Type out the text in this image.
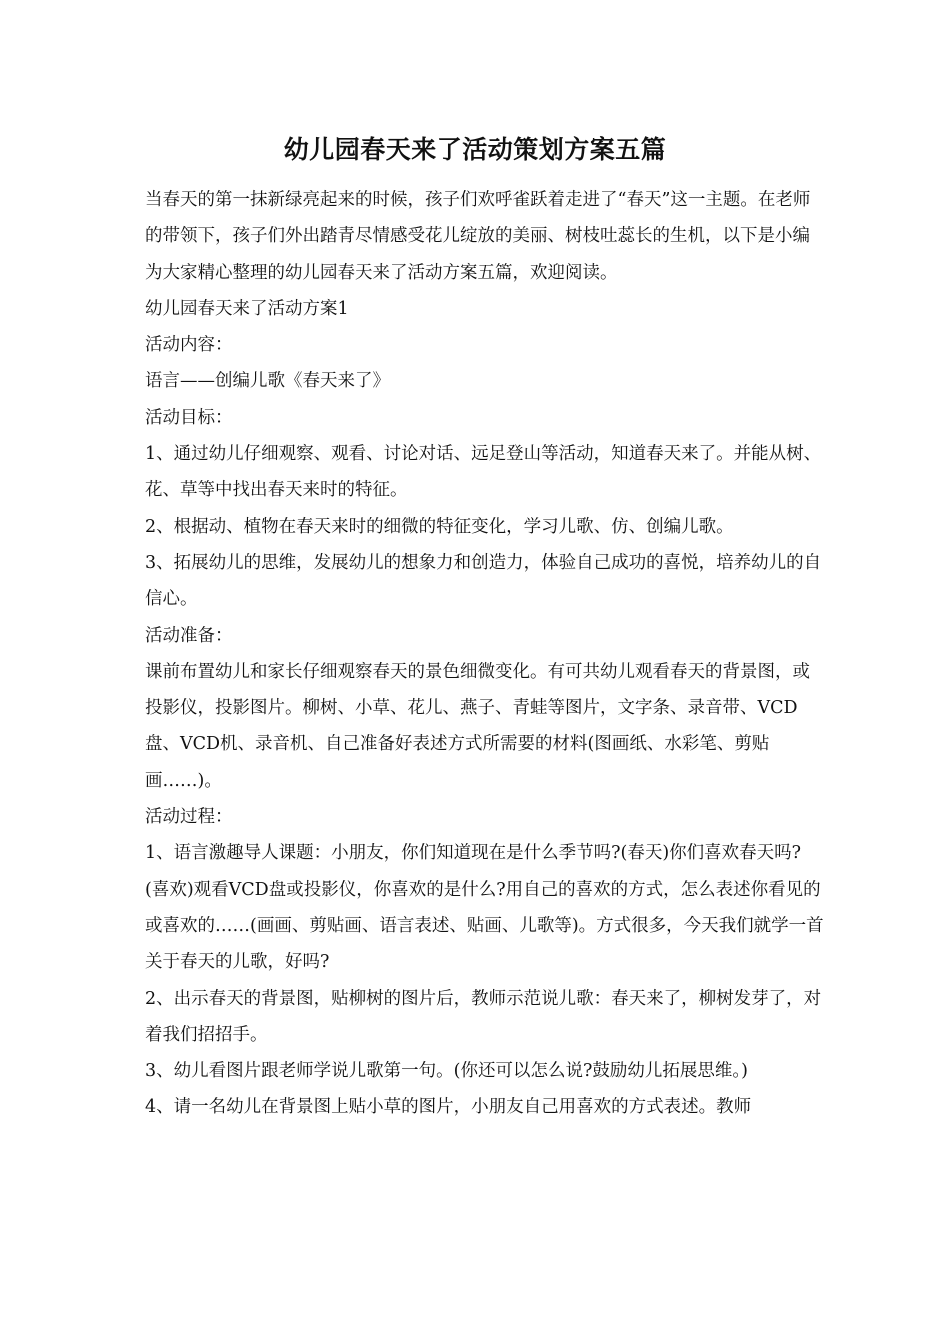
幼儿园春天来了活动策划方案五篇

当春天的第一抹新绿亮起来的时候，孩子们欢呼雀跃着走进了“春天”这一主题。在老师的带领下，孩子们外出踏青尽情感受花儿绽放的美丽、树枝吐蕊长的生机，以下是小编为大家精心整理的幼儿园春天来了活动方案五篇，欢迎阅读。

幼儿园春天来了活动方案1

活动内容：

语言——创编儿歌《春天来了》

活动目标：

1、通过幼儿仔细观察、观看、讨论对话、远足登山等活动，知道春天来了。并能从树、花、草等中找出春天来时的特征。

2、根据动、植物在春天来时的细微的特征变化，学习儿歌、仿、创编儿歌。

3、拓展幼儿的思维，发展幼儿的想象力和创造力，体验自己成功的喜悦，培养幼儿的自信心。

活动准备：

课前布置幼儿和家长仔细观察春天的景色细微变化。有可共幼儿观看春天的背景图，或投影仪，投影图片。柳树、小草、花儿、燕子、青蛙等图片，文字条、录音带、VCD盘、VCD机、录音机、自己准备好表述方式所需要的材料(图画纸、水彩笔、剪贴画……)。

活动过程：

1、语言激趣导人课题：小朋友，你们知道现在是什么季节吗?(春天)你们喜欢春天吗?(喜欢)观看VCD盘或投影仪，你喜欢的是什么?用自己的喜欢的方式，怎么表述你看见的或喜欢的……(画画、剪贴画、语言表述、贴画、儿歌等)。方式很多，今天我们就学一首关于春天的儿歌，好吗?

2、出示春天的背景图，贴柳树的图片后，教师示范说儿歌：春天来了，柳树发芽了，对着我们招招手。

3、幼儿看图片跟老师学说儿歌第一句。(你还可以怎么说?鼓励幼儿拓展思维。)

4、请一名幼儿在背景图上贴小草的图片，小朋友自己用喜欢的方式表述。教师
